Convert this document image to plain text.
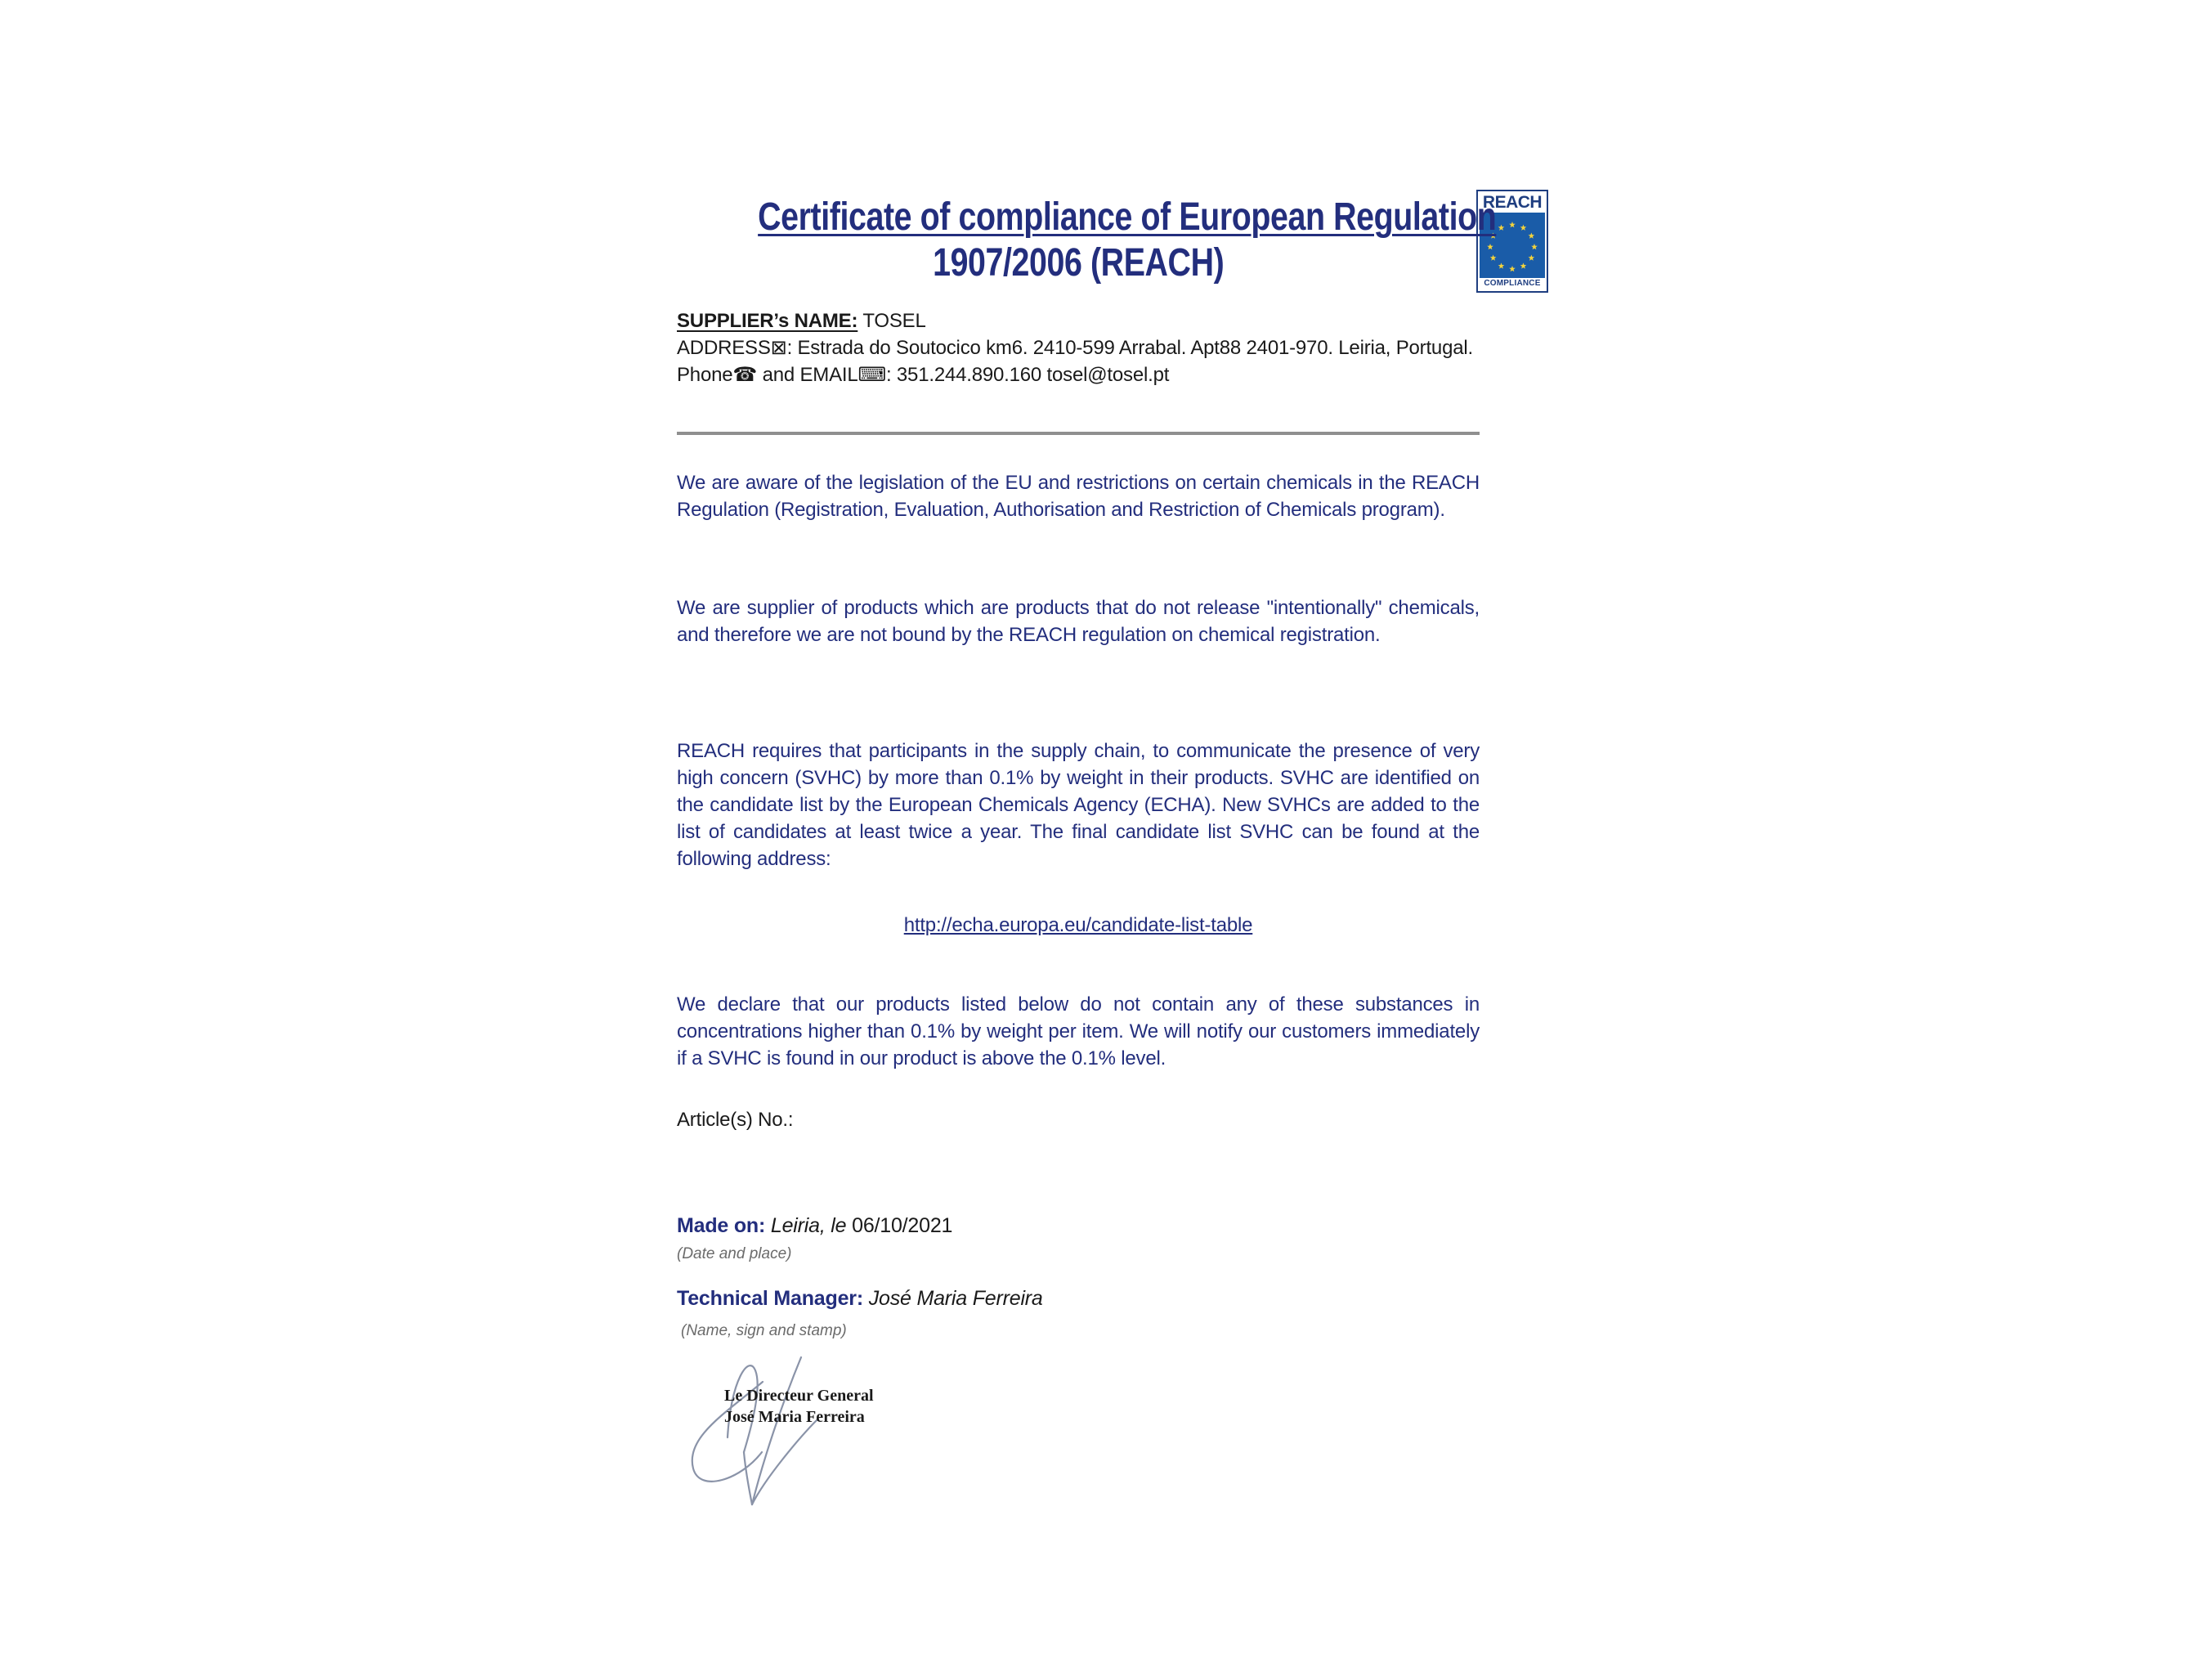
REACH
COMPLIANCE
Certificate of compliance of European Regulation
1907/2006 (REACH)

SUPPLIER’s NAME: TOSEL

ADDRESS⊠: Estrada do Soutocico km6. 2410-599 Arrabal. Apt88 2401-970. Leiria, Portugal.

Phone☎ and EMAIL⌨: 351.244.890.160 tosel@tosel.pt

We are aware of the legislation of the EU and restrictions on certain chemicals in the REACH Regulation (Registration, Evaluation, Authorisation and Restriction of Chemicals program).

We are supplier of products which are products that do not release "intentionally" chemicals, and therefore we are not bound by the REACH regulation on chemical registration.

REACH requires that participants in the supply chain, to communicate the presence of very high concern (SVHC) by more than 0.1% by weight in their products. SVHC are identified on the candidate list by the European Chemicals Agency (ECHA). New SVHCs are added to the list of candidates at least twice a year. The final candidate list SVHC can be found at the following address:

http://echa.europa.eu/candidate-list-table

We declare that our products listed below do not contain any of these substances in concentrations higher than 0.1% by weight per item. We will notify our customers immediately if a SVHC is found in our product is above the 0.1% level.

Article(s) No.:

Made on: Leiria, le 06/10/2021

(Date and place)

Technical Manager: José Maria Ferreira

(Name, sign and stamp)

Le Directeur General
José Maria Ferreira
